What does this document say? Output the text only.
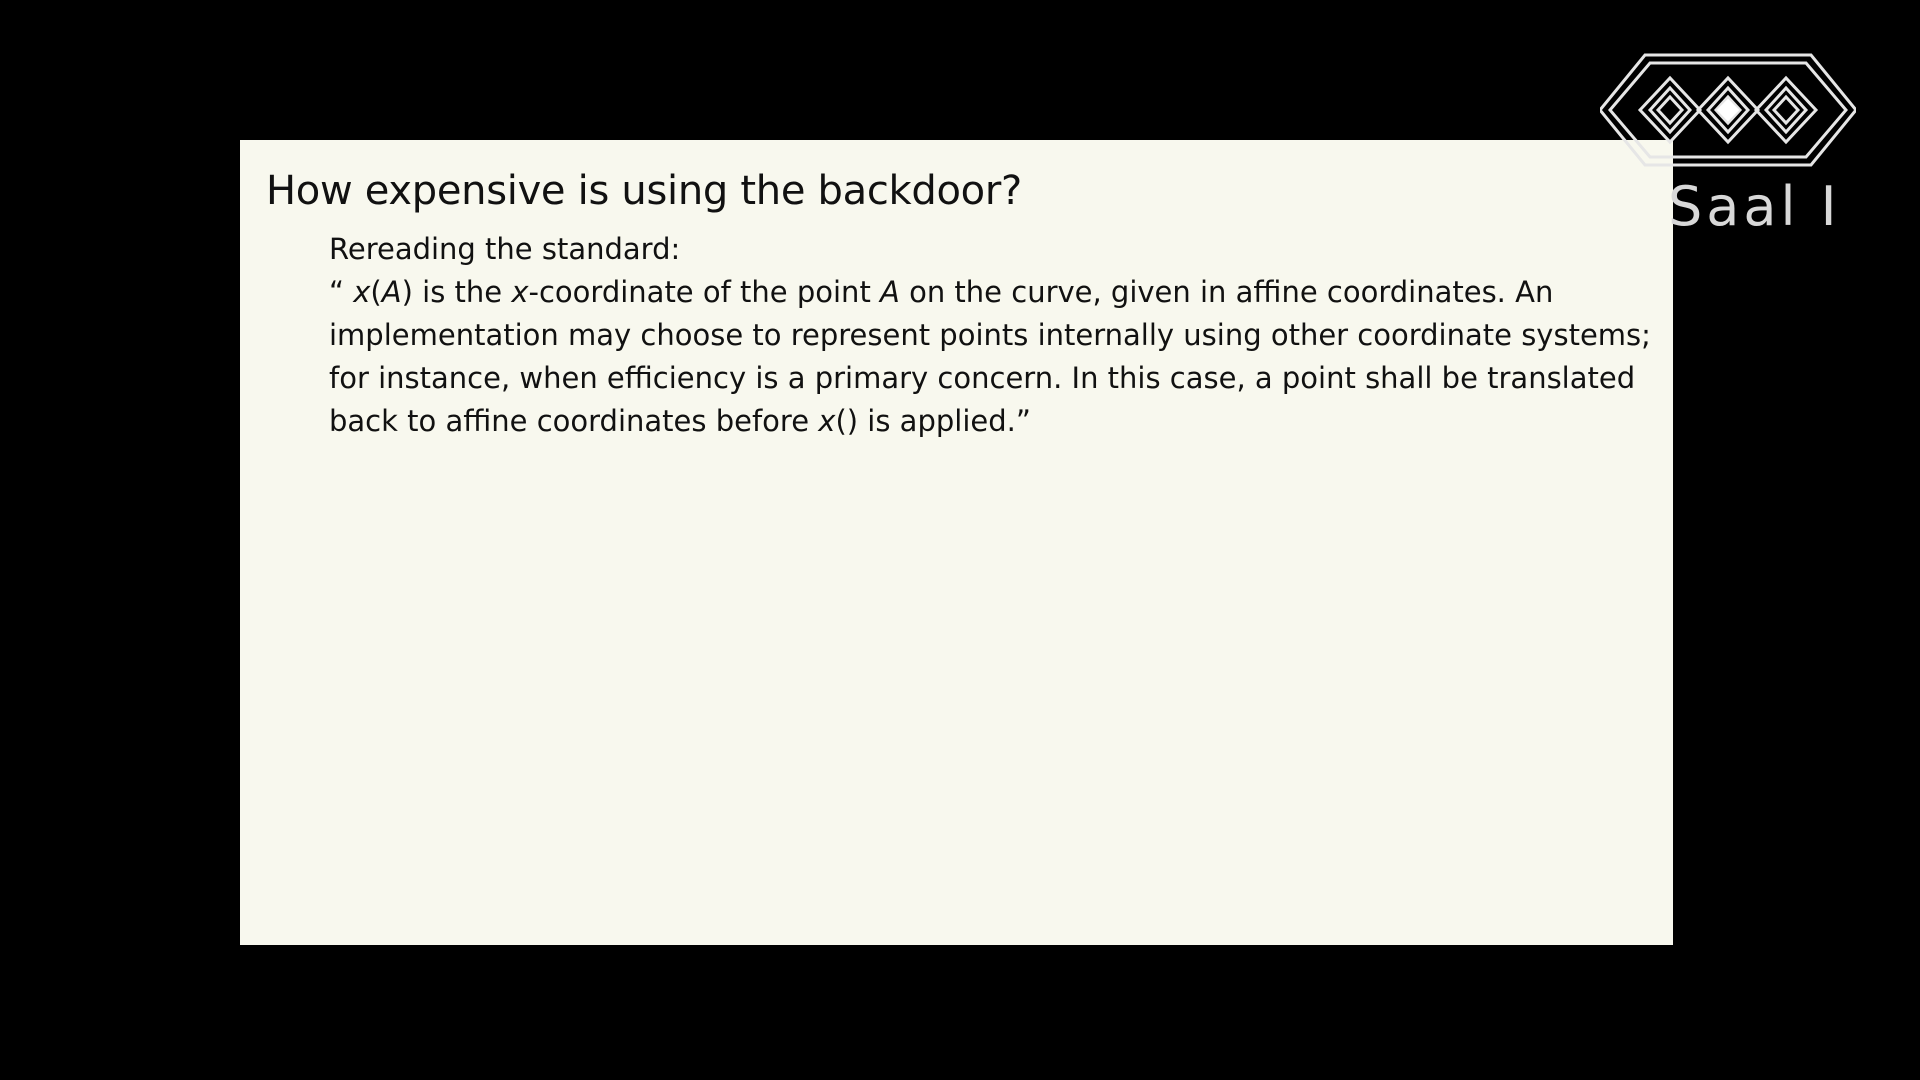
How expensive is using the backdoor?

Rereading the standard:

“ x(A) is the x-coordinate of the point A on the curve, given in affine coordinates. An implementation may choose to represent points internally using other coordinate systems; for instance, when efficiency is a primary concern. In this case, a point shall be translated back to affine coordinates before x() is applied.”

Saal I
